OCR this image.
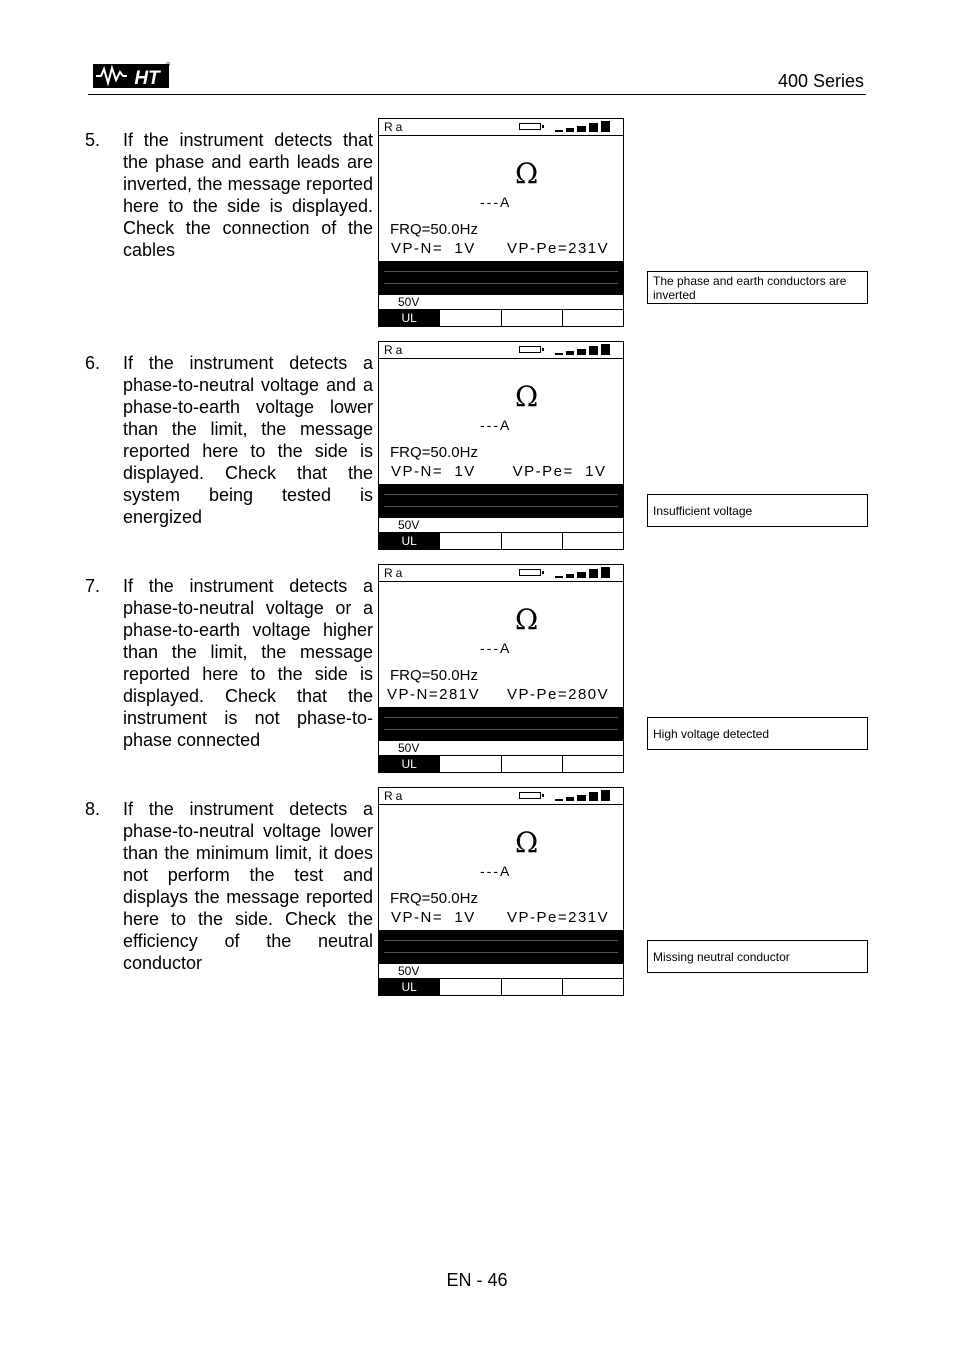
HT	400 Series
5. If the instrument detects that the phase and earth leads are inverted, the message reported here to the side is displayed. Check the connection of the cables
Ra
Ω
---A
FRQ=50.0Hz
VP-N=  1V VP-Pe=231V
50V
UL
The phase and earth conductors are inverted
6. If the instrument detects a phase-to-neutral voltage and a phase-to-earth voltage lower than the limit, the message reported here to the side is displayed. Check that the system being tested is energized
Ra
Ω
---A
FRQ=50.0Hz
VP-N=  1V VP-Pe=  1V
50V
UL
Insufficient voltage
7. If the instrument detects a phase-to-neutral voltage or a phase-to-earth voltage higher than the limit, the message reported here to the side is displayed. Check that the instrument is not phase-to-phase connected
Ra
Ω
---A
FRQ=50.0Hz
VP-N=281V VP-Pe=280V
50V
UL
High voltage detected
8. If the instrument detects a phase-to-neutral voltage lower than the minimum limit, it does not perform the test and displays the message reported here to the side. Check the efficiency of the neutral conductor
Ra
Ω
---A
FRQ=50.0Hz
VP-N=  1V VP-Pe=231V
50V
UL
Missing neutral conductor
EN - 46
